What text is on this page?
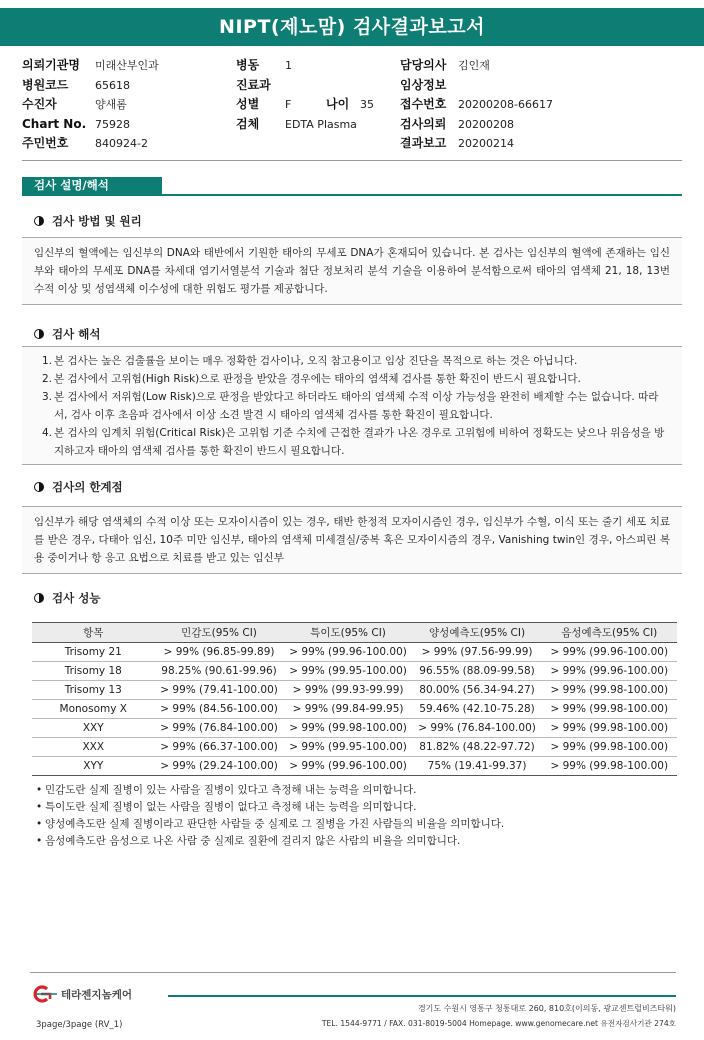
NIPT(제노맘) 검사결과보고서
의뢰기관명 미래산부인과	병동 1	담당의사 김인재
병원코드 65618	진료과	임상정보
수진자	양새롬	성별 F	나이 35 접수번호 20200208-66617
Chart No. 75928	검체 EDTA Plasma	검사의뢰 20200208
주민번호 840924-2	결과보고 20200214
검사 설명/해석
검사 방법 및 원리
임신부의 혈액에는 임신부의 DNA와 태반에서 기원한 태아의 무세포 DNA가 혼재되어 있습니다. 본 검사는 임신부의 혈액에 존재하는 임신부와 태아의 무세포 DNA를 차세대 염기서열분석 기술과 첨단 정보처리 분석 기술을 이용하여 분석함으로써 태아의 염색체 21, 18, 13번 수적 이상 및 성염색체 이수성에 대한 위험도 평가를 제공합니다.
검사 해석
1. 본 검사는 높은 검출률을 보이는 매우 정확한 검사이나, 오직 참고용이고 임상 진단을 목적으로 하는 것은 아닙니다.
2. 본 검사에서 고위험(High Risk)으로 판정을 받았을 경우에는 태아의 염색체 검사를 통한 확진이 반드시 필요합니다.
3. 본 검사에서 저위험(Low Risk)으로 판정을 받았다고 하더라도 태아의 염색체 수적 이상 가능성을 완전히 배제할 수는 없습니다. 따라서, 검사 이후 초음파 검사에서 이상 소견 발견 시 태아의 염색체 검사를 통한 확진이 필요합니다.
4. 본 검사의 임계치 위험(Critical Risk)은 고위험 기준 수치에 근접한 결과가 나온 경우로 고위험에 비하여 정확도는 낮으나 위음성을 방지하고자 태아의 염색체 검사를 통한 확진이 반드시 필요합니다.
검사의 한계점
임신부가 해당 염색체의 수적 이상 또는 모자이시즘이 있는 경우, 태반 한정적 모자이시즘인 경우, 임신부가 수혈, 이식 또는 줄기 세포 치료를 받은 경우, 다태아 임신, 10주 미만 임신부, 태아의 염색체 미세결실/중복 혹은 모자이시즘의 경우, Vanishing twin인 경우, 아스피린 복용 중이거나 항 응고 요법으로 치료를 받고 있는 임신부
검사 성능
항목	민감도(95% CI)	특이도(95% CI)	양성예측도(95% CI)	음성예측도(95% CI)
Trisomy 21	> 99% (96.85-99.89)	> 99% (99.96-100.00)	> 99% (97.56-99.99)	> 99% (99.96-100.00)
Trisomy 18	98.25% (90.61-99.96)	> 99% (99.95-100.00)	96.55% (88.09-99.58)	> 99% (99.96-100.00)
Trisomy 13	> 99% (79.41-100.00)	> 99% (99.93-99.99)	80.00% (56.34-94.27)	> 99% (99.98-100.00)
Monosomy X	> 99% (84.56-100.00)	> 99% (99.84-99.95)	59.46% (42.10-75.28)	> 99% (99.98-100.00)
XXY	> 99% (76.84-100.00)	> 99% (99.98-100.00)	> 99% (76.84-100.00)	> 99% (99.98-100.00)
XXX	> 99% (66.37-100.00)	> 99% (99.95-100.00)	81.82% (48.22-97.72)	> 99% (99.98-100.00)
XYY	> 99% (29.24-100.00)	> 99% (99.96-100.00)	75% (19.41-99.37)	> 99% (99.98-100.00)
• 민감도란 실제 질병이 있는 사람을 질병이 있다고 측정해 내는 능력을 의미합니다.
• 특이도란 실제 질병이 없는 사람을 질병이 없다고 측정해 내는 능력을 의미합니다.
• 양성예측도란 실제 질병이라고 판단한 사람들 중 실제로 그 질병을 가진 사람들의 비율을 의미합니다.
• 음성예측도란 음성으로 나온 사람 중 실제로 질환에 걸리지 않은 사람의 비율을 의미합니다.
테라젠지놈케어
경기도 수원시 영통구 청통대로 260, 810호(이의동, 광교센트럴비즈타워)
TEL. 1544-9771 / FAX. 031-8019-5004 Homepage. www.genomecare.net 유전자검사기관 274호
3page/3page (RV_1)
